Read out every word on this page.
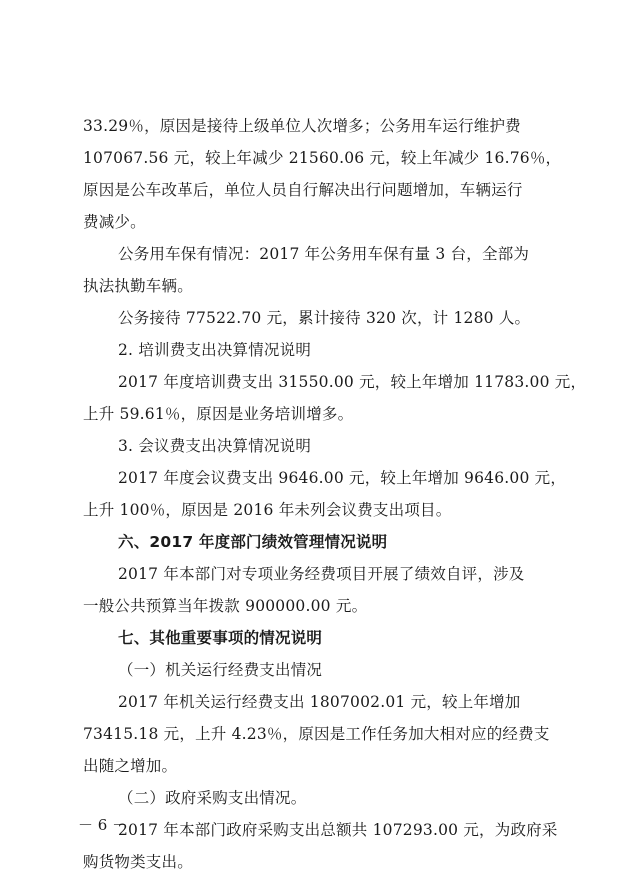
33.29％，原因是接待上级单位人次增多；公务用车运行维护费
107067.56 元，较上年减少 21560.06 元，较上年减少 16.76％，
原因是公车改革后，单位人员自行解决出行问题增加，车辆运行
费减少。
公务用车保有情况：2017 年公务用车保有量 3 台，全部为
执法执勤车辆。
公务接待 77522.70 元，累计接待 320 次，计 1280 人。
2. 培训费支出决算情况说明
2017 年度培训费支出 31550.00 元，较上年增加 11783.00 元，
上升 59.61％，原因是业务培训增多。
3. 会议费支出决算情况说明
2017 年度会议费支出 9646.00 元，较上年增加 9646.00 元，
上升 100％，原因是 2016 年未列会议费支出项目。
六、2017 年度部门绩效管理情况说明
2017 年本部门对专项业务经费项目开展了绩效自评，涉及
一般公共预算当年拨款 900000.00 元。
七、其他重要事项的情况说明
（一）机关运行经费支出情况
2017 年机关运行经费支出 1807002.01 元，较上年增加
73415.18 元，上升 4.23％，原因是工作任务加大相对应的经费支
出随之增加。
（二）政府采购支出情况。
2017 年本部门政府采购支出总额共 107293.00 元，为政府采
购货物类支出。
－ 6 －
